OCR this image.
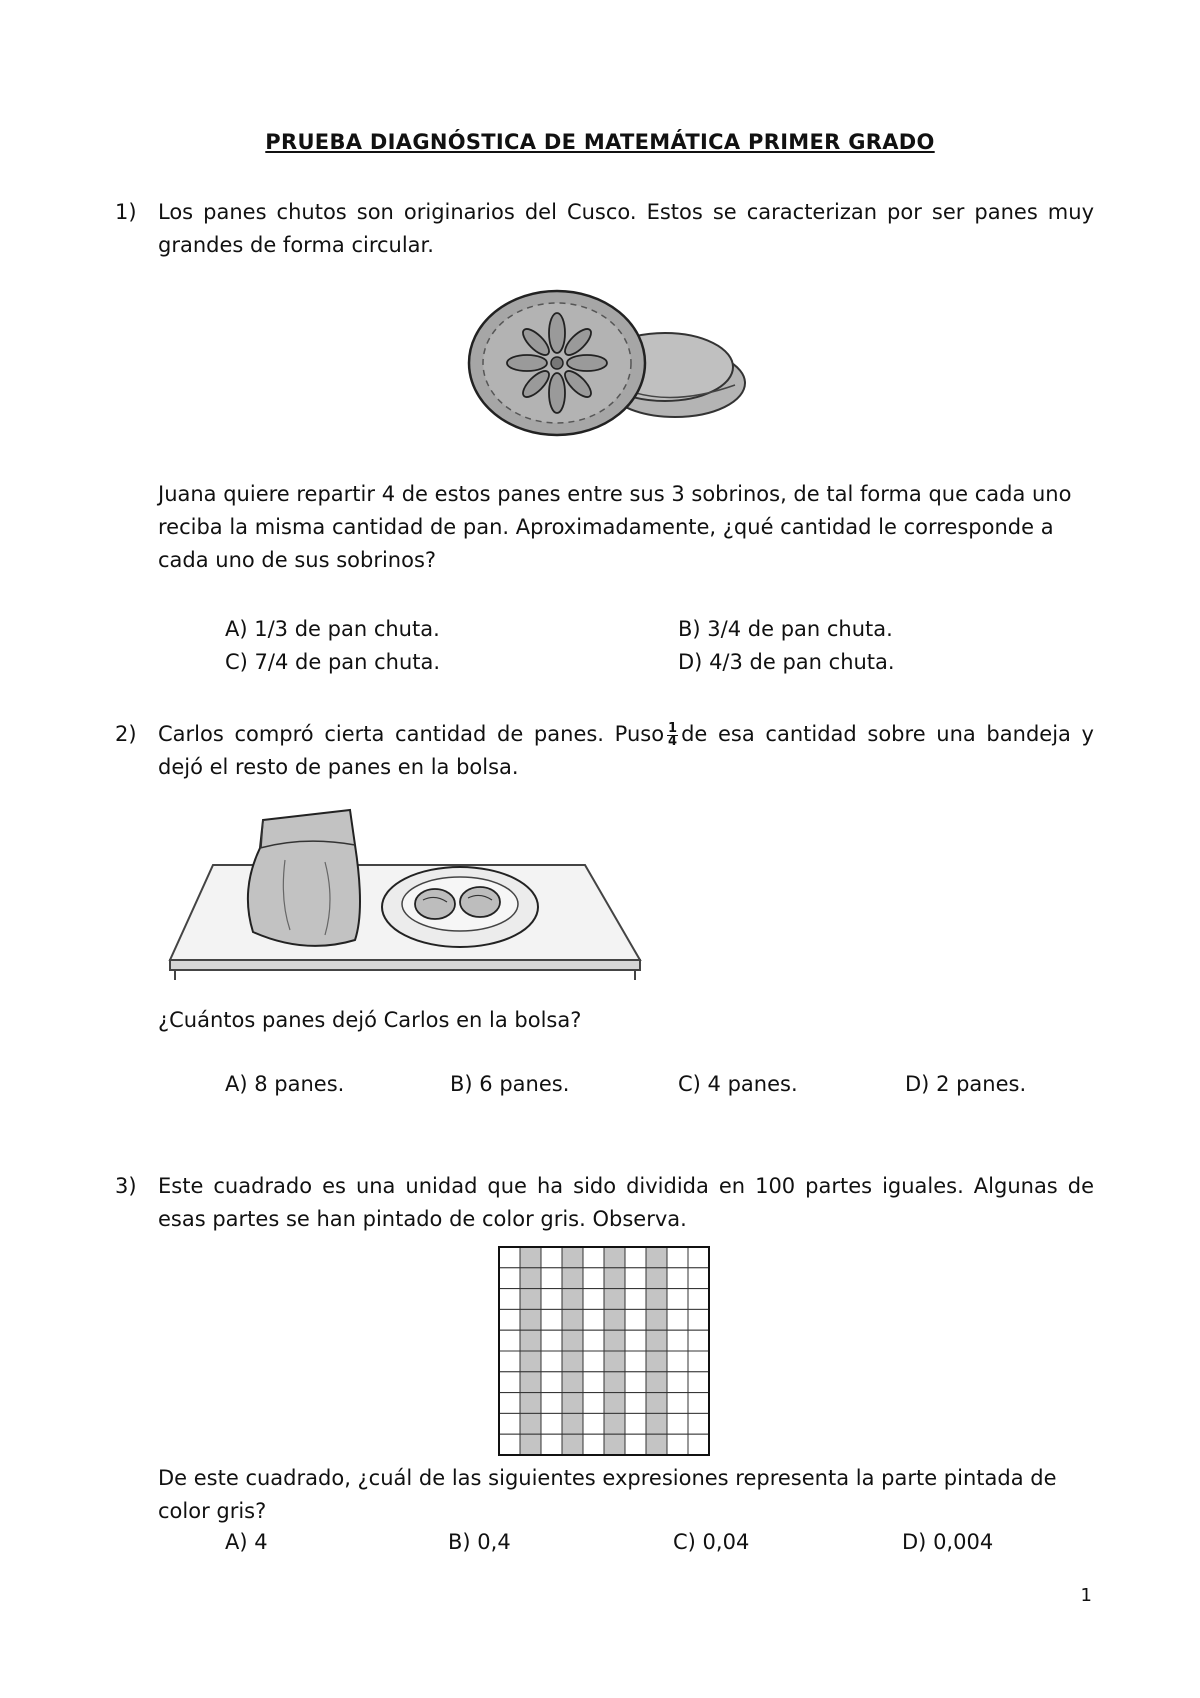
PRUEBA DIAGNÓSTICA DE MATEMÁTICA PRIMER GRADO
1) Los panes chutos son originarios del Cusco. Estos se caracterizan por ser panes muy grandes de forma circular.
Juana quiere repartir 4 de estos panes entre sus 3 sobrinos, de tal forma que cada uno reciba la misma cantidad de pan. Aproximadamente, ¿qué cantidad le corresponde a cada uno de sus sobrinos?
A) 1/3 de pan chuta.	B) 3/4 de pan chuta.
C) 7/4 de pan chuta.	D) 4/3 de pan chuta.
2) Carlos compró cierta cantidad de panes. Puso $\frac{1}{4}$ de esa cantidad sobre una bandeja y dejó el resto de panes en la bolsa.
¿Cuántos panes dejó Carlos en la bolsa?
A) 8 panes.	B) 6 panes.	C) 4 panes.	D) 2 panes.
3) Este cuadrado es una unidad que ha sido dividida en 100 partes iguales. Algunas de esas partes se han pintado de color gris. Observa.
De este cuadrado, ¿cuál de las siguientes expresiones representa la parte pintada de color gris?
A) 4	B) 0,4	C) 0,04	D) 0,004
1
